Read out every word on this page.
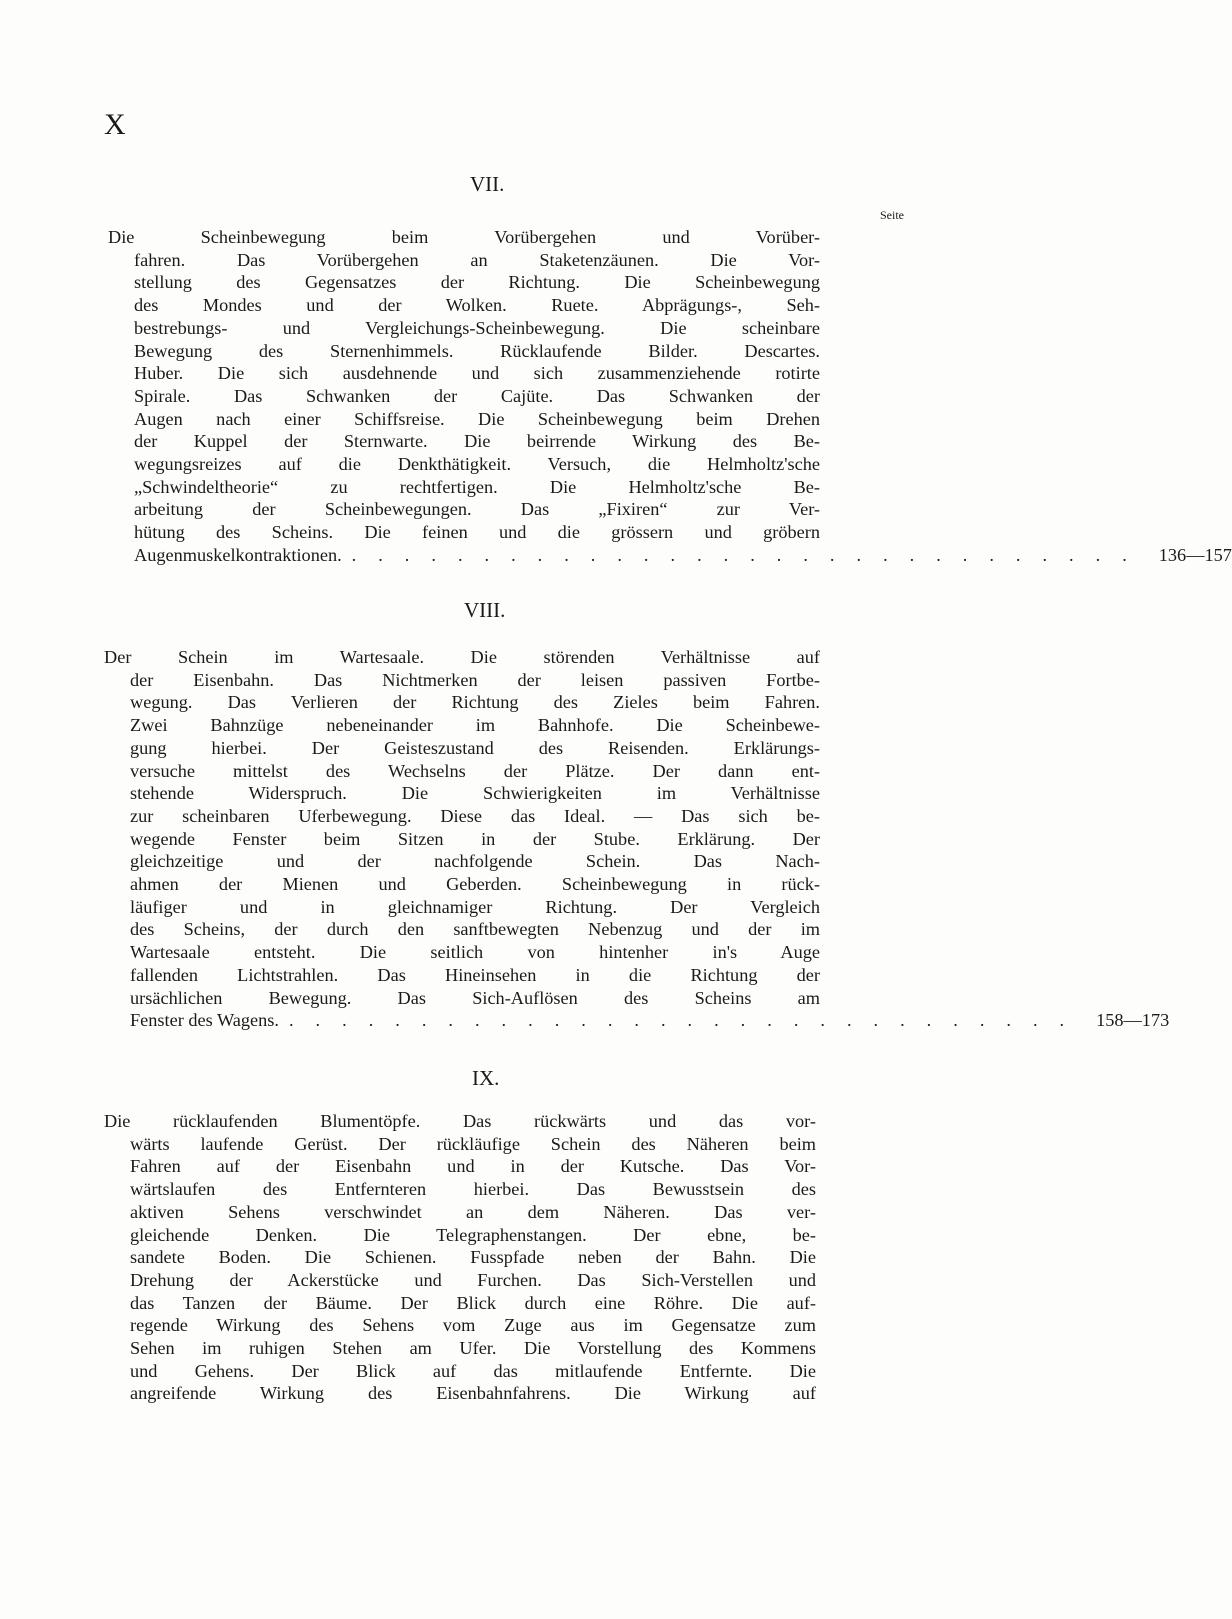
X
Seite
VII.
Die Scheinbewegung beim Vorübergehen und Vorüber-
fahren. Das Vorübergehen an Staketenzäunen. Die Vor-
stellung des Gegensatzes der Richtung. Die Scheinbewegung
des Mondes und der Wolken. Ruete. Abprägungs-, Seh-
bestrebungs- und Vergleichungs-Scheinbewegung. Die scheinbare
Bewegung des Sternenhimmels. Rücklaufende Bilder. Descartes.
Huber. Die sich ausdehnende und sich zusammenziehende rotirte
Spirale. Das Schwanken der Cajüte. Das Schwanken der
Augen nach einer Schiffsreise. Die Scheinbewegung beim Drehen
der Kuppel der Sternwarte. Die beirrende Wirkung des Be-
wegungsreizes auf die Denkthätigkeit. Versuch, die Helmholtz'sche
„Schwindeltheorie“ zu rechtfertigen. Die Helmholtz'sche Be-
arbeitung der Scheinbewegungen. Das „Fixiren“ zur Ver-
hütung des Scheins. Die feinen und die grössern und gröbern
Augenmuskelkontraktionen. .............................. 136—157
VIII.
Der Schein im Wartesaale. Die störenden Verhältnisse auf
der Eisenbahn. Das Nichtmerken der leisen passiven Fortbe-
wegung. Das Verlieren der Richtung des Zieles beim Fahren.
Zwei Bahnzüge nebeneinander im Bahnhofe. Die Scheinbewe-
gung hierbei. Der Geisteszustand des Reisenden. Erklärungs-
versuche mittelst des Wechselns der Plätze. Der dann ent-
stehende Widerspruch. Die Schwierigkeiten im Verhältnisse
zur scheinbaren Uferbewegung. Diese das Ideal. — Das sich be-
wegende Fenster beim Sitzen in der Stube. Erklärung. Der
gleichzeitige und der nachfolgende Schein. Das Nach-
ahmen der Mienen und Geberden. Scheinbewegung in rück-
läufiger und in gleichnamiger Richtung. Der Vergleich
des Scheins, der durch den sanftbewegten Nebenzug und der im
Wartesaale entsteht. Die seitlich von hintenher in's Auge
fallenden Lichtstrahlen. Das Hineinsehen in die Richtung der
ursächlichen Bewegung. Das Sich-Auflösen des Scheins am
Fenster des Wagens. .............................. 158—173
IX.
Die rücklaufenden Blumentöpfe. Das rückwärts und das vor-
wärts laufende Gerüst. Der rückläufige Schein des Näheren beim
Fahren auf der Eisenbahn und in der Kutsche. Das Vor-
wärtslaufen des Entfernteren hierbei. Das Bewusstsein des
aktiven Sehens verschwindet an dem Näheren. Das ver-
gleichende Denken. Die Telegraphenstangen. Der ebne, be-
sandete Boden. Die Schienen. Fusspfade neben der Bahn. Die
Drehung der Ackerstücke und Furchen. Das Sich-Verstellen und
das Tanzen der Bäume. Der Blick durch eine Röhre. Die auf-
regende Wirkung des Sehens vom Zuge aus im Gegensatze zum
Sehen im ruhigen Stehen am Ufer. Die Vorstellung des Kommens
und Gehens. Der Blick auf das mitlaufende Entfernte. Die
angreifende Wirkung des Eisenbahnfahrens. Die Wirkung auf
